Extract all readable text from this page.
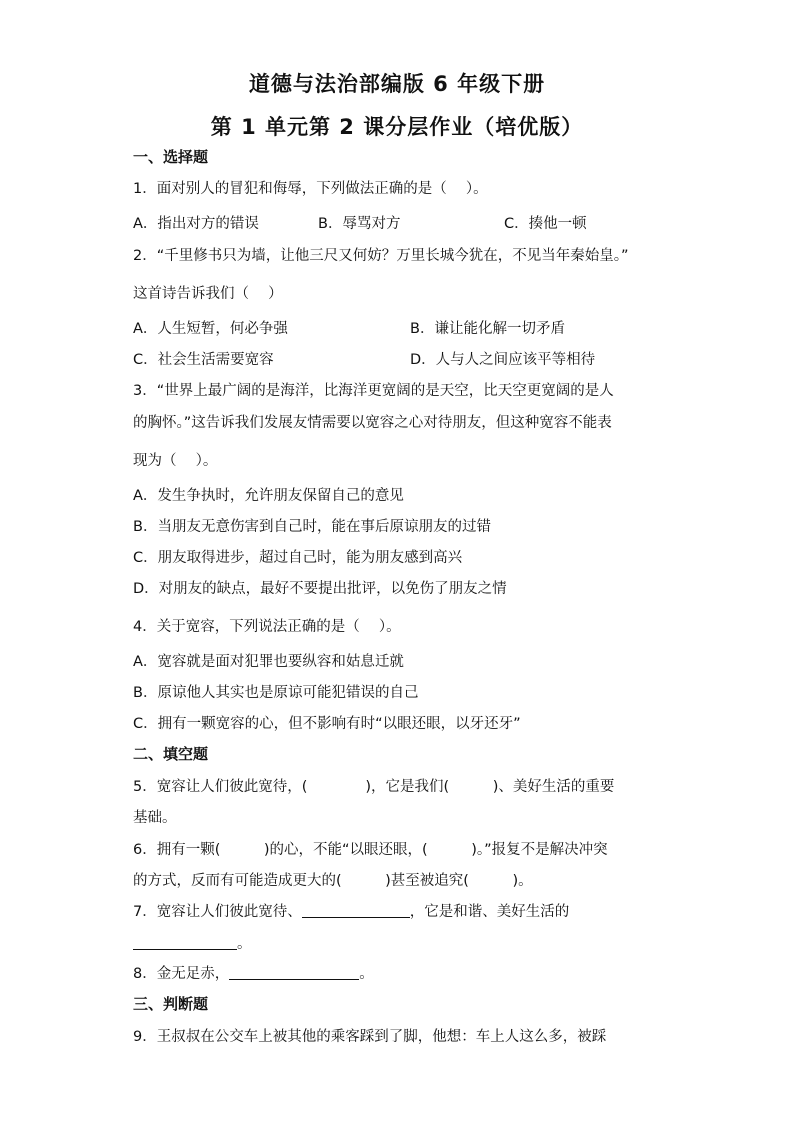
道德与法治部编版 6 年级下册
第 1 单元第 2 课分层作业（培优版）
一、选择题
1．面对别人的冒犯和侮辱，下列做法正确的是（　 ）。
A．指出对方的错误	B．辱骂对方	C．揍他一顿
2．“千里修书只为墙，让他三尺又何妨？万里长城今犹在，不见当年秦始皇。”
这首诗告诉我们（　 ）
A．人生短暂，何必争强	B．谦让能化解一切矛盾
C．社会生活需要宽容	D．人与人之间应该平等相待
3．“世界上最广阔的是海洋，比海洋更宽阔的是天空，比天空更宽阔的是人
的胸怀。”这告诉我们发展友情需要以宽容之心对待朋友，但这种宽容不能表
现为（　 ）。
A．发生争执时，允许朋友保留自己的意见
B．当朋友无意伤害到自己时，能在事后原谅朋友的过错
C．朋友取得进步，超过自己时，能为朋友感到高兴
D．对朋友的缺点，最好不要提出批评，以免伤了朋友之情
4．关于宽容，下列说法正确的是（　 ）。
A．宽容就是面对犯罪也要纵容和姑息迁就
B．原谅他人其实也是原谅可能犯错误的自己
C．拥有一颗宽容的心，但不影响有时“以眼还眼，以牙还牙”
二、填空题
5．宽容让人们彼此宽待，(　　　　)，它是我们(　　　)、美好生活的重要
基础。
6．拥有一颗(　　　)的心，不能“以眼还眼，(　　　)。”报复不是解决冲突
的方式，反而有可能造成更大的(　　　)甚至被追究(　　　)。
7．宽容让人们彼此宽待、	，它是和谐、美好生活的
。
8．金无足赤，	。
三、判断题
9．王叔叔在公交车上被其他的乘客踩到了脚，他想：车上人这么多，被踩
